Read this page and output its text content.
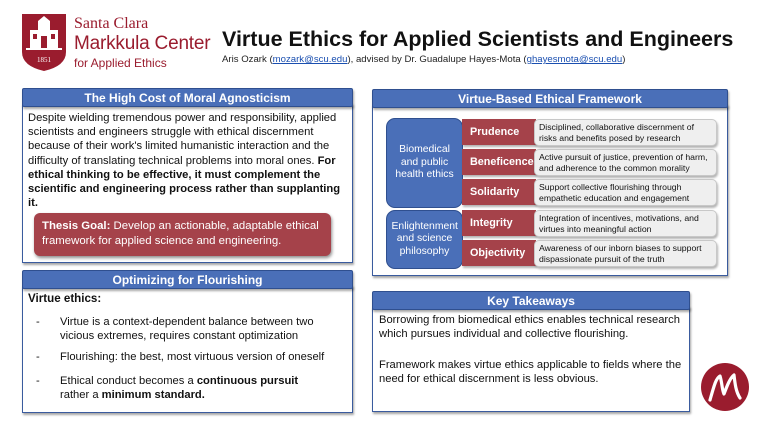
1851
Santa Clara
Markkula Center
for Applied Ethics
Virtue Ethics for Applied Scientists and Engineers
Aris Ozark (mozark@scu.edu), advised by Dr. Guadalupe Hayes-Mota (ghayesmota@scu.edu)
The High Cost of Moral Agnosticism
Despite wielding tremendous power and responsibility, applied scientists and engineers struggle with ethical discernment because of their work's limited humanistic interaction and the difficulty of translating technical problems into moral ones. For ethical thinking to be effective, it must complement the scientific and engineering process rather than supplanting it.
Thesis Goal: Develop an actionable, adaptable ethical framework for applied science and engineering.
Optimizing for Flourishing
Virtue ethics:
- Virtue is a context-dependent balance between two vicious extremes, requires constant optimization
- Flourishing: the best, most virtuous version of oneself
- Ethical conduct becomes a continuous pursuit
rather a minimum standard.
Virtue-Based Ethical Framework
Biomedical and public health ethics
Enlightenment and science philosophy
Prudence	Disciplined, collaborative discernment of risks and benefits posed by research
Beneficence Active pursuit of justice, prevention of harm, and adherence to the common morality
Solidarity	Support collective flourishing through empathetic education and engagement
Integrity	Integration of incentives, motivations, and virtues into meaningful action
Objectivity	Awareness of our inborn biases to support dispassionate pursuit of the truth
Key Takeaways
Borrowing from biomedical ethics enables technical research which pursues individual and collective flourishing.
Framework makes virtue ethics applicable to fields where the need for ethical discernment is less obvious.
